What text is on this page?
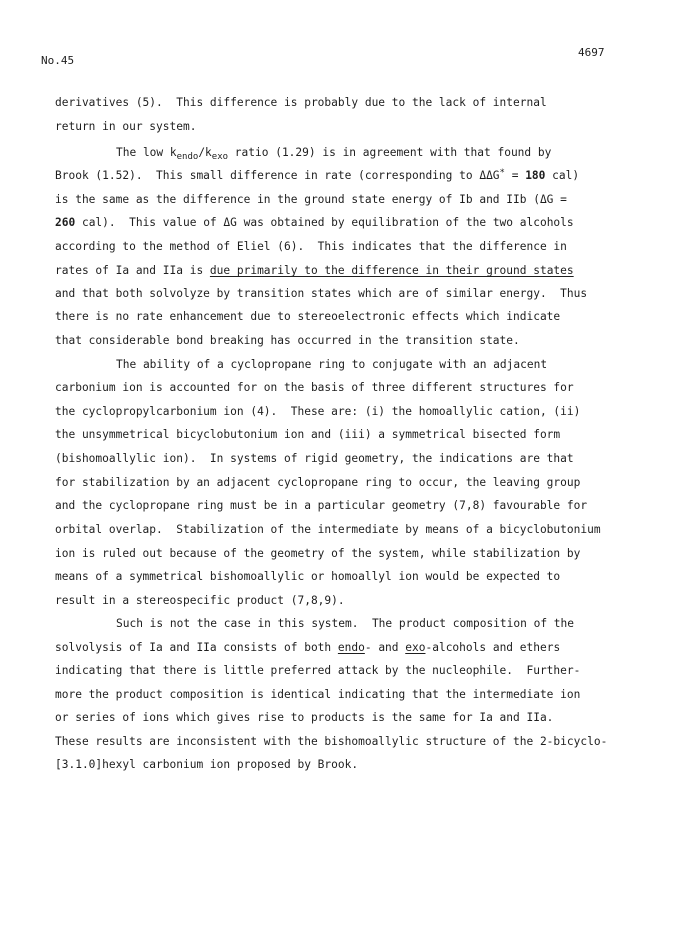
No.45
4697
derivatives (5).  This difference is probably due to the lack of internal
return in our system.
The low $k_{endo}/k_{exo}$ ratio (1.29) is in agreement with that found by
Brook (1.52).  This small difference in rate (corresponding to ΔΔG* = 180 cal)
is the same as the difference in the ground state energy of Ib and IIb (ΔG =
260 cal).  This value of ΔG was obtained by equilibration of the two alcohols
according to the method of Eliel (6).  This indicates that the difference in
rates of Ia and IIa is due primarily to the difference in their ground states
and that both solvolyze by transition states which are of similar energy.  Thus
there is no rate enhancement due to stereoelectronic effects which indicate
that considerable bond breaking has occurred in the transition state.
The ability of a cyclopropane ring to conjugate with an adjacent
carbonium ion is accounted for on the basis of three different structures for
the cyclopropylcarbonium ion (4).  These are: (i) the homoallylic cation, (ii)
the unsymmetrical bicyclobutonium ion and (iii) a symmetrical bisected form
(bishomoallylic ion).  In systems of rigid geometry, the indications are that
for stabilization by an adjacent cyclopropane ring to occur, the leaving group
and the cyclopropane ring must be in a particular geometry (7,8) favourable for
orbital overlap.  Stabilization of the intermediate by means of a bicyclobutonium
ion is ruled out because of the geometry of the system, while stabilization by
means of a symmetrical bishomoallylic or homoallyl ion would be expected to
result in a stereospecific product (7,8,9).
Such is not the case in this system.  The product composition of the
solvolysis of Ia and IIa consists of both endo- and exo-alcohols and ethers
indicating that there is little preferred attack by the nucleophile.  Further-
more the product composition is identical indicating that the intermediate ion
or series of ions which gives rise to products is the same for Ia and IIa.
These results are inconsistent with the bishomoallylic structure of the 2-bicyclo-
[3.1.0]hexyl carbonium ion proposed by Brook.
